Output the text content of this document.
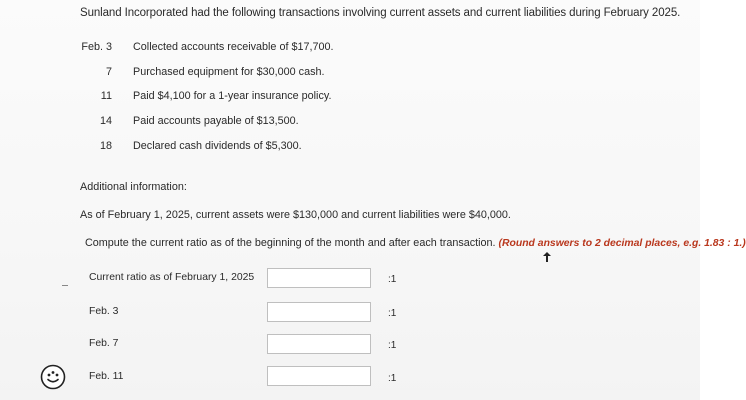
Sunland Incorporated had the following transactions involving current assets and current liabilities during February 2025.
Feb. 3 Collected accounts receivable of $17,700.
7 Purchased equipment for $30,000 cash.
11 Paid $4,100 for a 1-year insurance policy.
14 Paid accounts payable of $13,500.
18 Declared cash dividends of $5,300.
Additional information:
As of February 1, 2025, current assets were $130,000 and current liabilities were $40,000.
Compute the current ratio as of the beginning of the month and after each transaction. (Round answers to 2 decimal places, e.g. 1.83 : 1.)
Current ratio as of February 1, 2025	:1
Feb. 3	:1
Feb. 7	:1
Feb. 11	:1
